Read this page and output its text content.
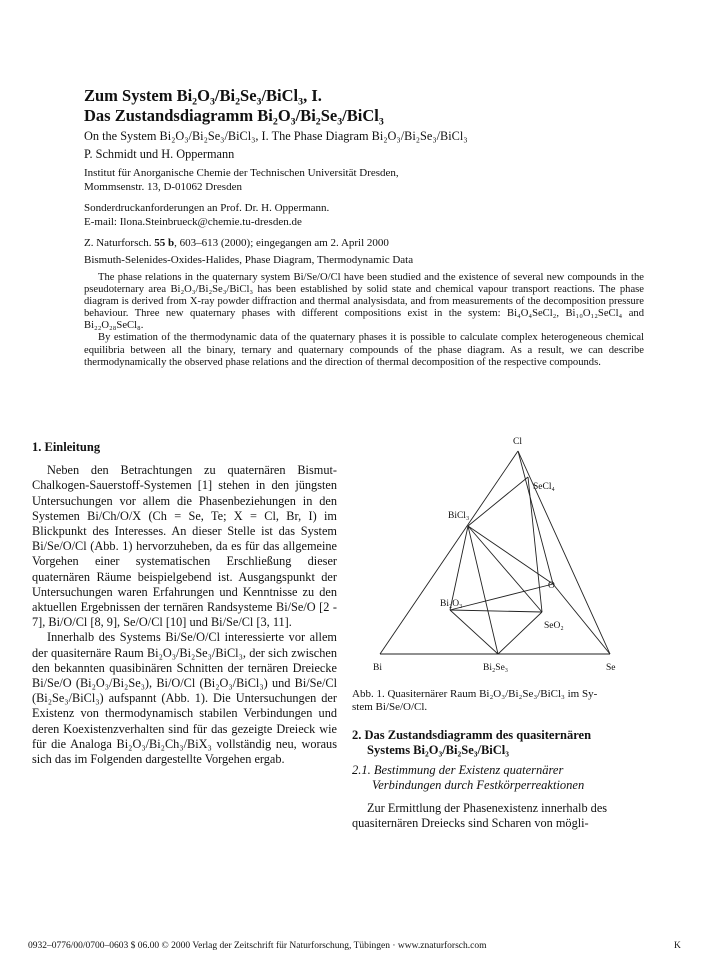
Zum System Bi₂O₃/Bi₂Se₃/BiCl₃, I.
Das Zustandsdiagramm Bi₂O₃/Bi₂Se₃/BiCl₃
On the System Bi₂O₃/Bi₂Se₃/BiCl₃, I. The Phase Diagram Bi₂O₃/Bi₂Se₃/BiCl₃
P. Schmidt und H. Oppermann
Institut für Anorganische Chemie der Technischen Universität Dresden,
Mommsenstr. 13, D-01062 Dresden
Sonderdruckanforderungen an Prof. Dr. H. Oppermann.
E-mail: Ilona.Steinbrueck@chemie.tu-dresden.de
Z. Naturforsch. 55 b, 603–613 (2000); eingegangen am 2. April 2000
Bismuth-Selenides-Oxides-Halides, Phase Diagram, Thermodynamic Data

The phase relations in the quaternary system Bi/Se/O/Cl have been studied and the existence of several new compounds in the pseudoternary area Bi₂O₃/Bi₂Se₃/BiCl₃ has been established by solid state and chemical vapour transport reactions. The phase diagram is derived from X-ray powder diffraction and thermal analysisdata, and from measurements of the decomposition pressure behaviour. Three new quaternary phases with different compositions exist in the system: Bi₄O₄SeCl₂, Bi₁₀O₁₂SeCl₄ and Bi₂₂O₂₈SeCl₈.

By estimation of the thermodynamic data of the quaternary phases it is possible to calculate complex heterogeneous chemical equilibria between all the binary, ternary and quaternary compounds of the phase diagram. As a result, we can describe thermodynamically the observed phase relations and the direction of thermal decomposition of the respective compounds.

1. Einleitung

Neben den Betrachtungen zu quaternären Bismut-Chalkogen-Sauerstoff-Systemen [1] stehen in den jüngsten Untersuchungen vor allem die Phasenbeziehungen in den Systemen Bi/Ch/O/X (Ch = Se, Te; X = Cl, Br, I) im Blickpunkt des Interesses. An dieser Stelle ist das System Bi/Se/O/Cl (Abb. 1) hervorzuheben, da es für das allgemeine Vorgehen einer systematischen Erschließung dieser quaternären Räume beispielgebend ist. Ausgangspunkt der Untersuchungen waren Erfahrungen und Kenntnisse zu den aktuellen Ergebnissen der ternären Randsysteme Bi/Se/O [2 - 7], Bi/O/Cl [8, 9], Se/O/Cl [10] und Bi/Se/Cl [3, 11].

Innerhalb des Systems Bi/Se/O/Cl interessierte vor allem der quasiternäre Raum Bi₂O₃/Bi₂Se₃/BiCl₃, der sich zwischen den bekannten quasibinären Schnitten der ternären Dreiecke Bi/Se/O (Bi₂O₃/Bi₂Se₃), Bi/O/Cl (Bi₂O₃/BiCl₃) und Bi/Se/Cl (Bi₂Se₃/BiCl₃) aufspannt (Abb. 1). Die Untersuchungen der Existenz von thermodynamisch stabilen Verbindungen und deren Koexistenzverhalten sind für das gezeigte Dreieck wie für die Analoga Bi₂O₃/Bi₂Ch₃/BiX₃ vollständig neu, woraus sich das im Folgenden dargestellte Vorgehen ergab.

Cl
SeCl₄
BiCl₃
O
Bi₂O₃
SeO₂
Bi	Bi₂Se₃	Se
Abb. 1. Quasiternärer Raum Bi₂O₃/Bi₂Se₃/BiCl₃ im Sy-
stem Bi/Se/O/Cl.
2. Das Zustandsdiagramm des quasiternären
Systems Bi₂O₃/Bi₂Se₃/BiCl₃
2.1. Bestimmung der Existenz quaternärer
Verbindungen durch Festkörperreaktionen
Zur Ermittlung der Phasenexistenz innerhalb des
quasiternären Dreiecks sind Scharen von mögli-
0932–0776/00/0700–0603 $ 06.00 © 2000 Verlag der Zeitschrift für Naturforschung, Tübingen · www.znaturforsch.com	K
